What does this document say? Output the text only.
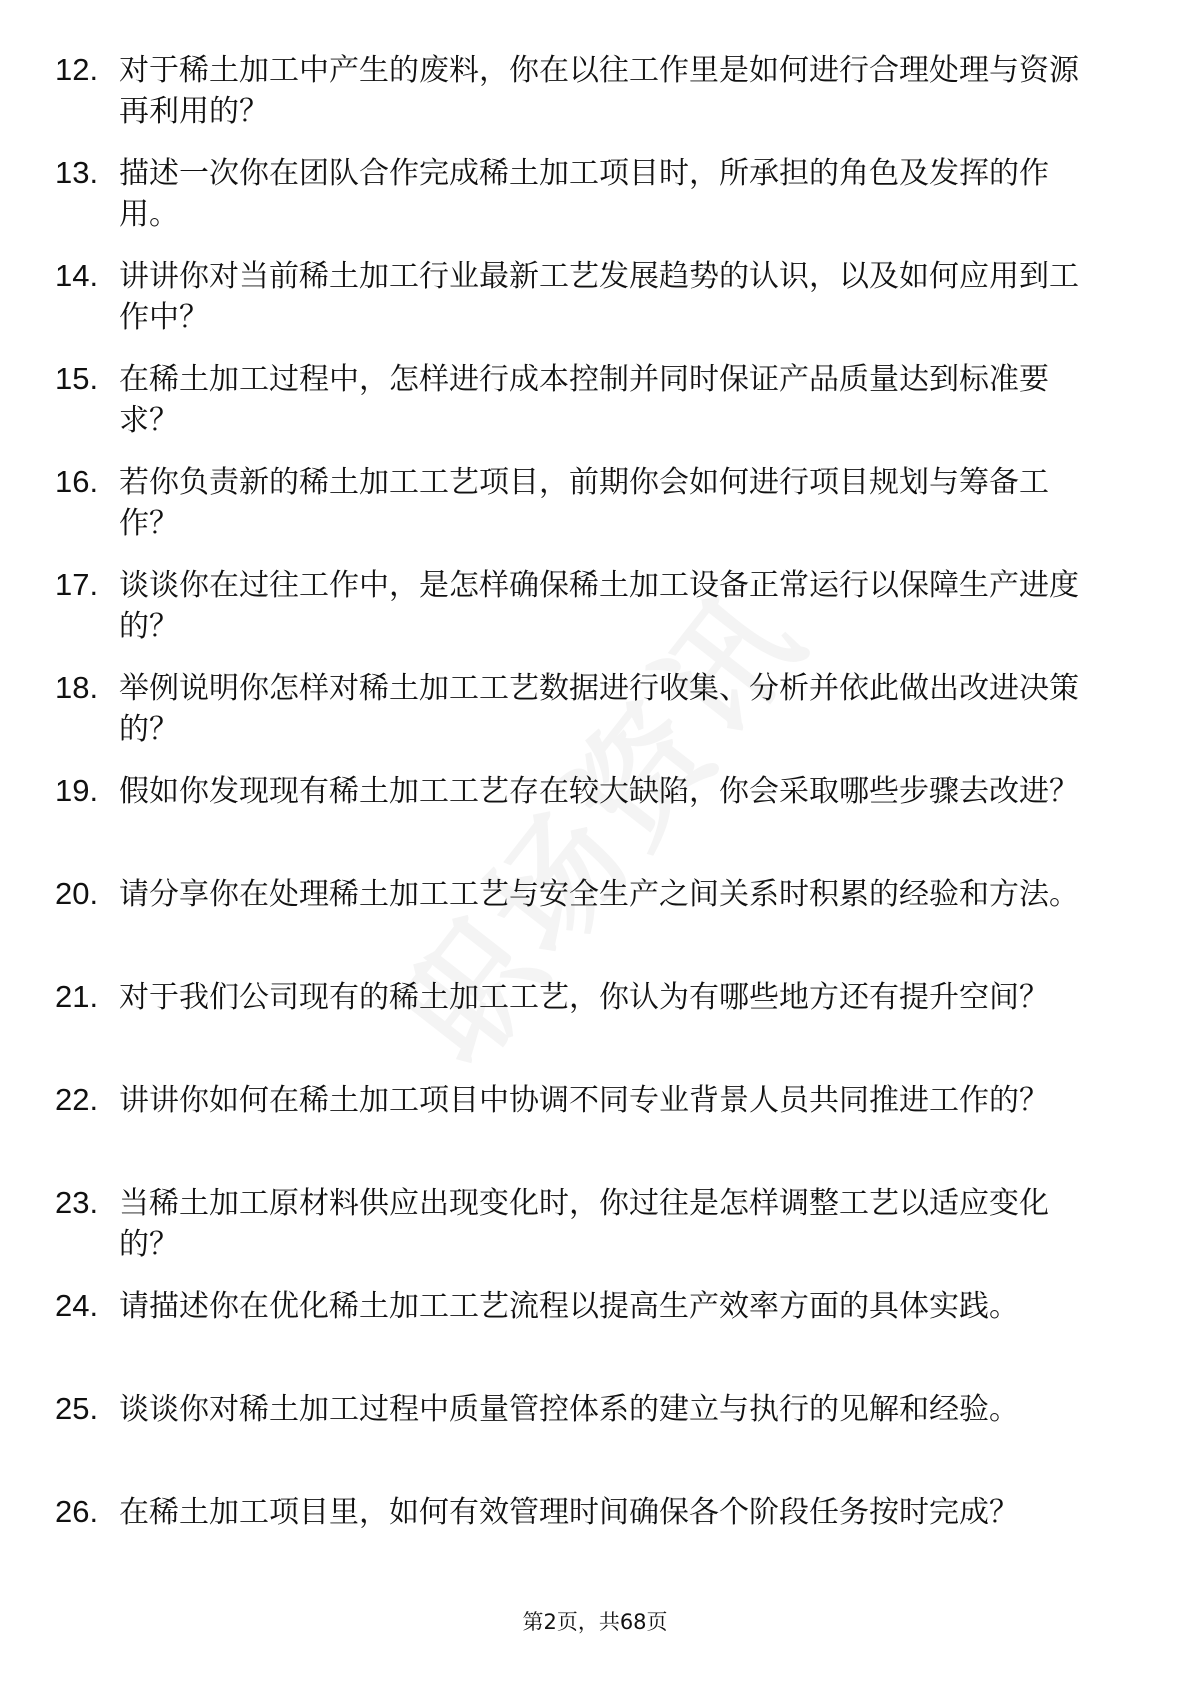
12. 对于稀土加工中产生的废料，你在以往工作里是如何进行合理处理与资源再利用的？
13. 描述一次你在团队合作完成稀土加工项目时，所承担的角色及发挥的作用。
14. 讲讲你对当前稀土加工行业最新工艺发展趋势的认识，以及如何应用到工作中？
15. 在稀土加工过程中，怎样进行成本控制并同时保证产品质量达到标准要求？
16. 若你负责新的稀土加工工艺项目，前期你会如何进行项目规划与筹备工作？
17. 谈谈你在过往工作中，是怎样确保稀土加工设备正常运行以保障生产进度的？
18. 举例说明你怎样对稀土加工工艺数据进行收集、分析并依此做出改进决策的？
19. 假如你发现现有稀土加工工艺存在较大缺陷，你会采取哪些步骤去改进？
20. 请分享你在处理稀土加工工艺与安全生产之间关系时积累的经验和方法。
21. 对于我们公司现有的稀土加工工艺，你认为有哪些地方还有提升空间？
22. 讲讲你如何在稀土加工项目中协调不同专业背景人员共同推进工作的？
23. 当稀土加工原材料供应出现变化时，你过往是怎样调整工艺以适应变化的？
24. 请描述你在优化稀土加工工艺流程以提高生产效率方面的具体实践。
25. 谈谈你对稀土加工过程中质量管控体系的建立与执行的见解和经验。
26. 在稀土加工项目里，如何有效管理时间确保各个阶段任务按时完成？
第2页，共68页
